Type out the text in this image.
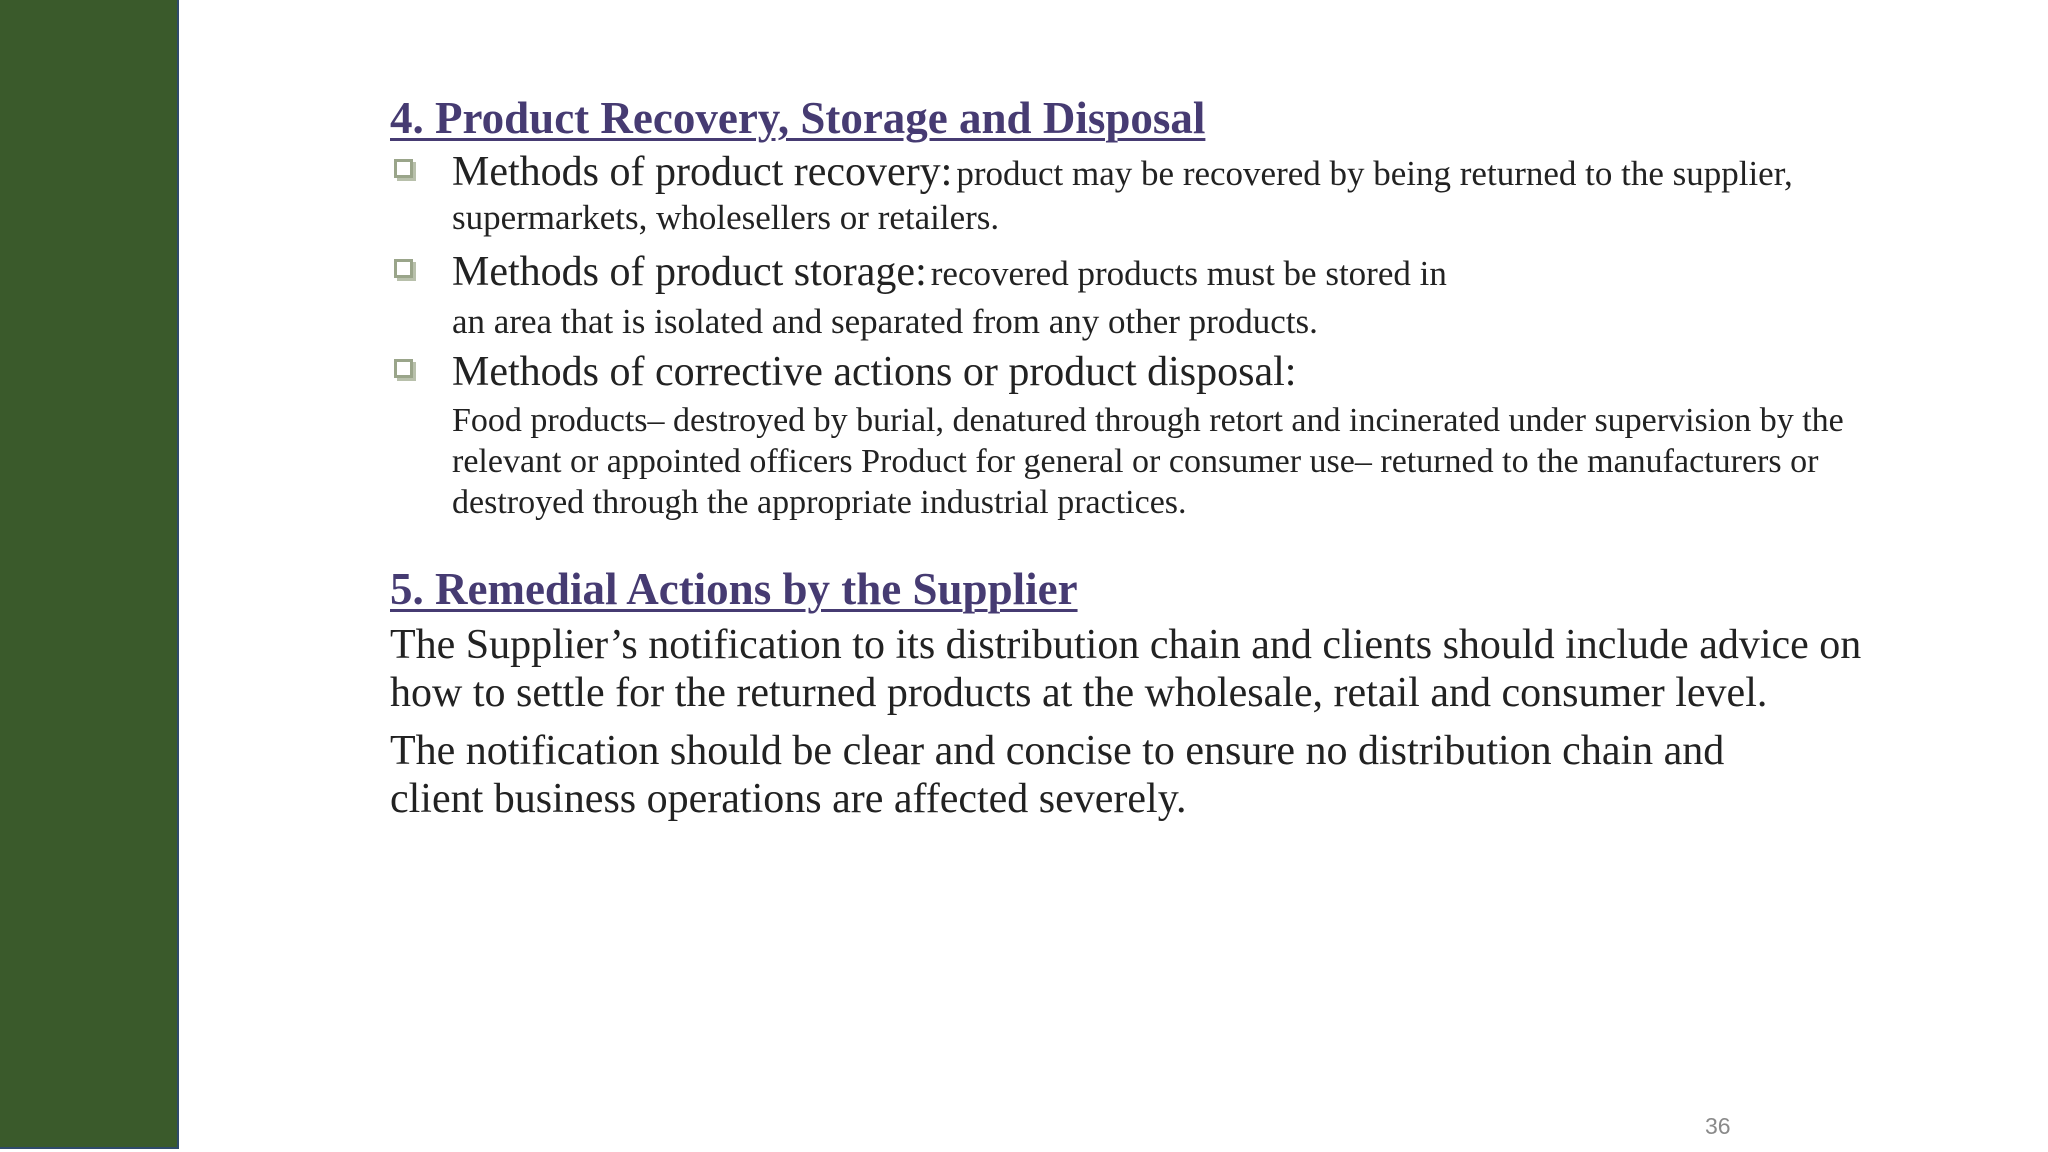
4. Product Recovery, Storage and Disposal
Methods of product recovery: product may be recovered by being returned to the supplier, supermarkets, wholesellers or retailers.
Methods of product storage: recovered products must be stored in
an area that is isolated and separated from any other products.
Methods of corrective actions or product disposal:
Food products– destroyed by burial, denatured through retort and incinerated under supervision by the relevant or appointed officers Product for general or consumer use– returned to the manufacturers or destroyed through the appropriate industrial practices.
5. Remedial Actions by the Supplier

The Supplier’s notification to its distribution chain and clients should include advice on how to settle for the returned products at the wholesale, retail and consumer level.

The notification should be clear and concise to ensure no distribution chain and client business operations are affected severely.

36
